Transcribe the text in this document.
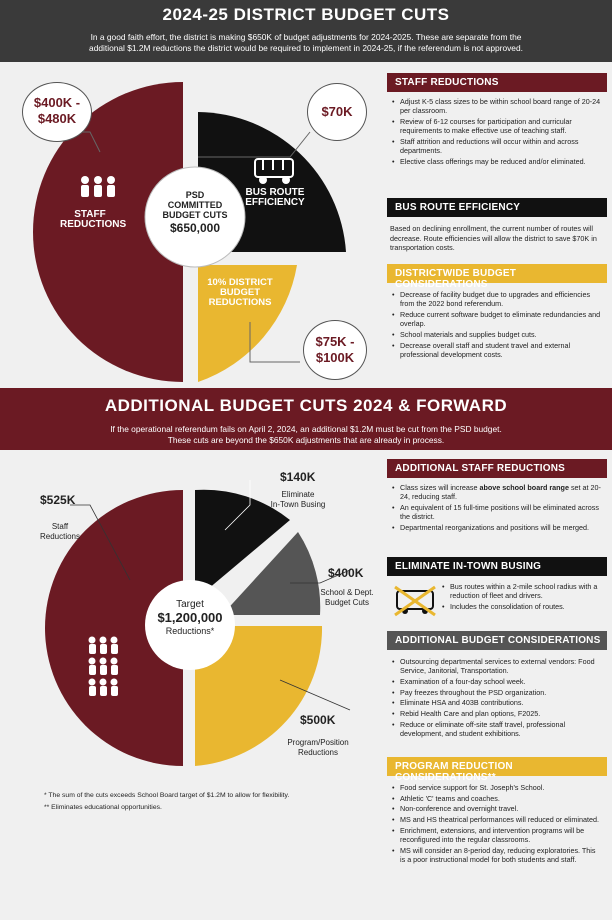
2024-25 DISTRICT BUDGET CUTS
In a good faith effort, the district is making $650K of budget adjustments for 2024-2025. These are separate from the
additional $1.2M reductions the district would be required to implement in 2024-25, if the referendum is not approved.
STAFF
REDUCTIONS
BUS ROUTE
EFFICIENCY
10% DISTRICT
BUDGET
REDUCTIONS
PSD
COMMITTED
BUDGET CUTS
$650,000
$400K -
$480K	$70K
$75K -
$100K
STAFF REDUCTIONS
• Adjust K-5 class sizes to be within school board range of 20-24 per classroom.
• Review of 6-12 courses for participation and curricular requirements to make effective use of teaching staff.
• Staff attrition and reductions will occur within and across departments.
• Elective class offerings may be reduced and/or eliminated.
BUS ROUTE EFFICIENCY
Based on declining enrollment, the current number of routes will decrease. Route efficiencies will allow the district to save $70K in transportation costs.
DISTRICTWIDE BUDGET CONSIDERATIONS
• Decrease of facility budget due to upgrades and efficiencies from the 2022 bond referendum.
• Reduce current software budget to eliminate redundancies and overlap.
• School materials and supplies budget cuts.
• Decrease overall staff and student travel and external professional development costs.
ADDITIONAL BUDGET CUTS 2024 & FORWARD
If the operational referendum fails on April 2, 2024, an additional $1.2M must be cut from the PSD budget.
These cuts are beyond the $650K adjustments that are already in process.
$525K
Staff
Reductions
$140K
Eliminate
In-Town Busing
$400K
School & Dept.
Budget Cuts
$500K
Program/Position
Reductions
Target
$1,200,000
Reductions*
* The sum of the cuts exceeds School Board target of $1.2M to allow for flexibility.
** Eliminates educational opportunities.
ADDITIONAL STAFF REDUCTIONS
• Class sizes will increase above school board range set at 20-24, reducing staff.
• An equivalent of 15 full-time positions will be eliminated across the district.
• Departmental reorganizations and positions will be merged.
ELIMINATE IN-TOWN BUSING
• Bus routes within a 2-mile school radius with a reduction of fleet and drivers.
• Includes the consolidation of routes.
ADDITIONAL BUDGET CONSIDERATIONS
• Outsourcing departmental services to external vendors: Food Service, Janitorial, Transportation.
• Examination of a four-day school week.
• Pay freezes throughout the PSD organization.
• Eliminate HSA and 403B contributions.
• Rebid Health Care and plan options, F2025.
• Reduce or eliminate off-site staff travel, professional development, and student exhibitions.
PROGRAM REDUCTION CONSIDERATIONS**
• Food service support for St. Joseph's School.
• Athletic 'C' teams and coaches.
• Non-conference and overnight travel.
• MS and HS theatrical performances will reduced or eliminated.
• Enrichment, extensions, and intervention programs will be reconfigured into the regular classrooms.
• MS will consider an 8-period day, reducing exploratories. This is a poor instructional model for both students and staff.
